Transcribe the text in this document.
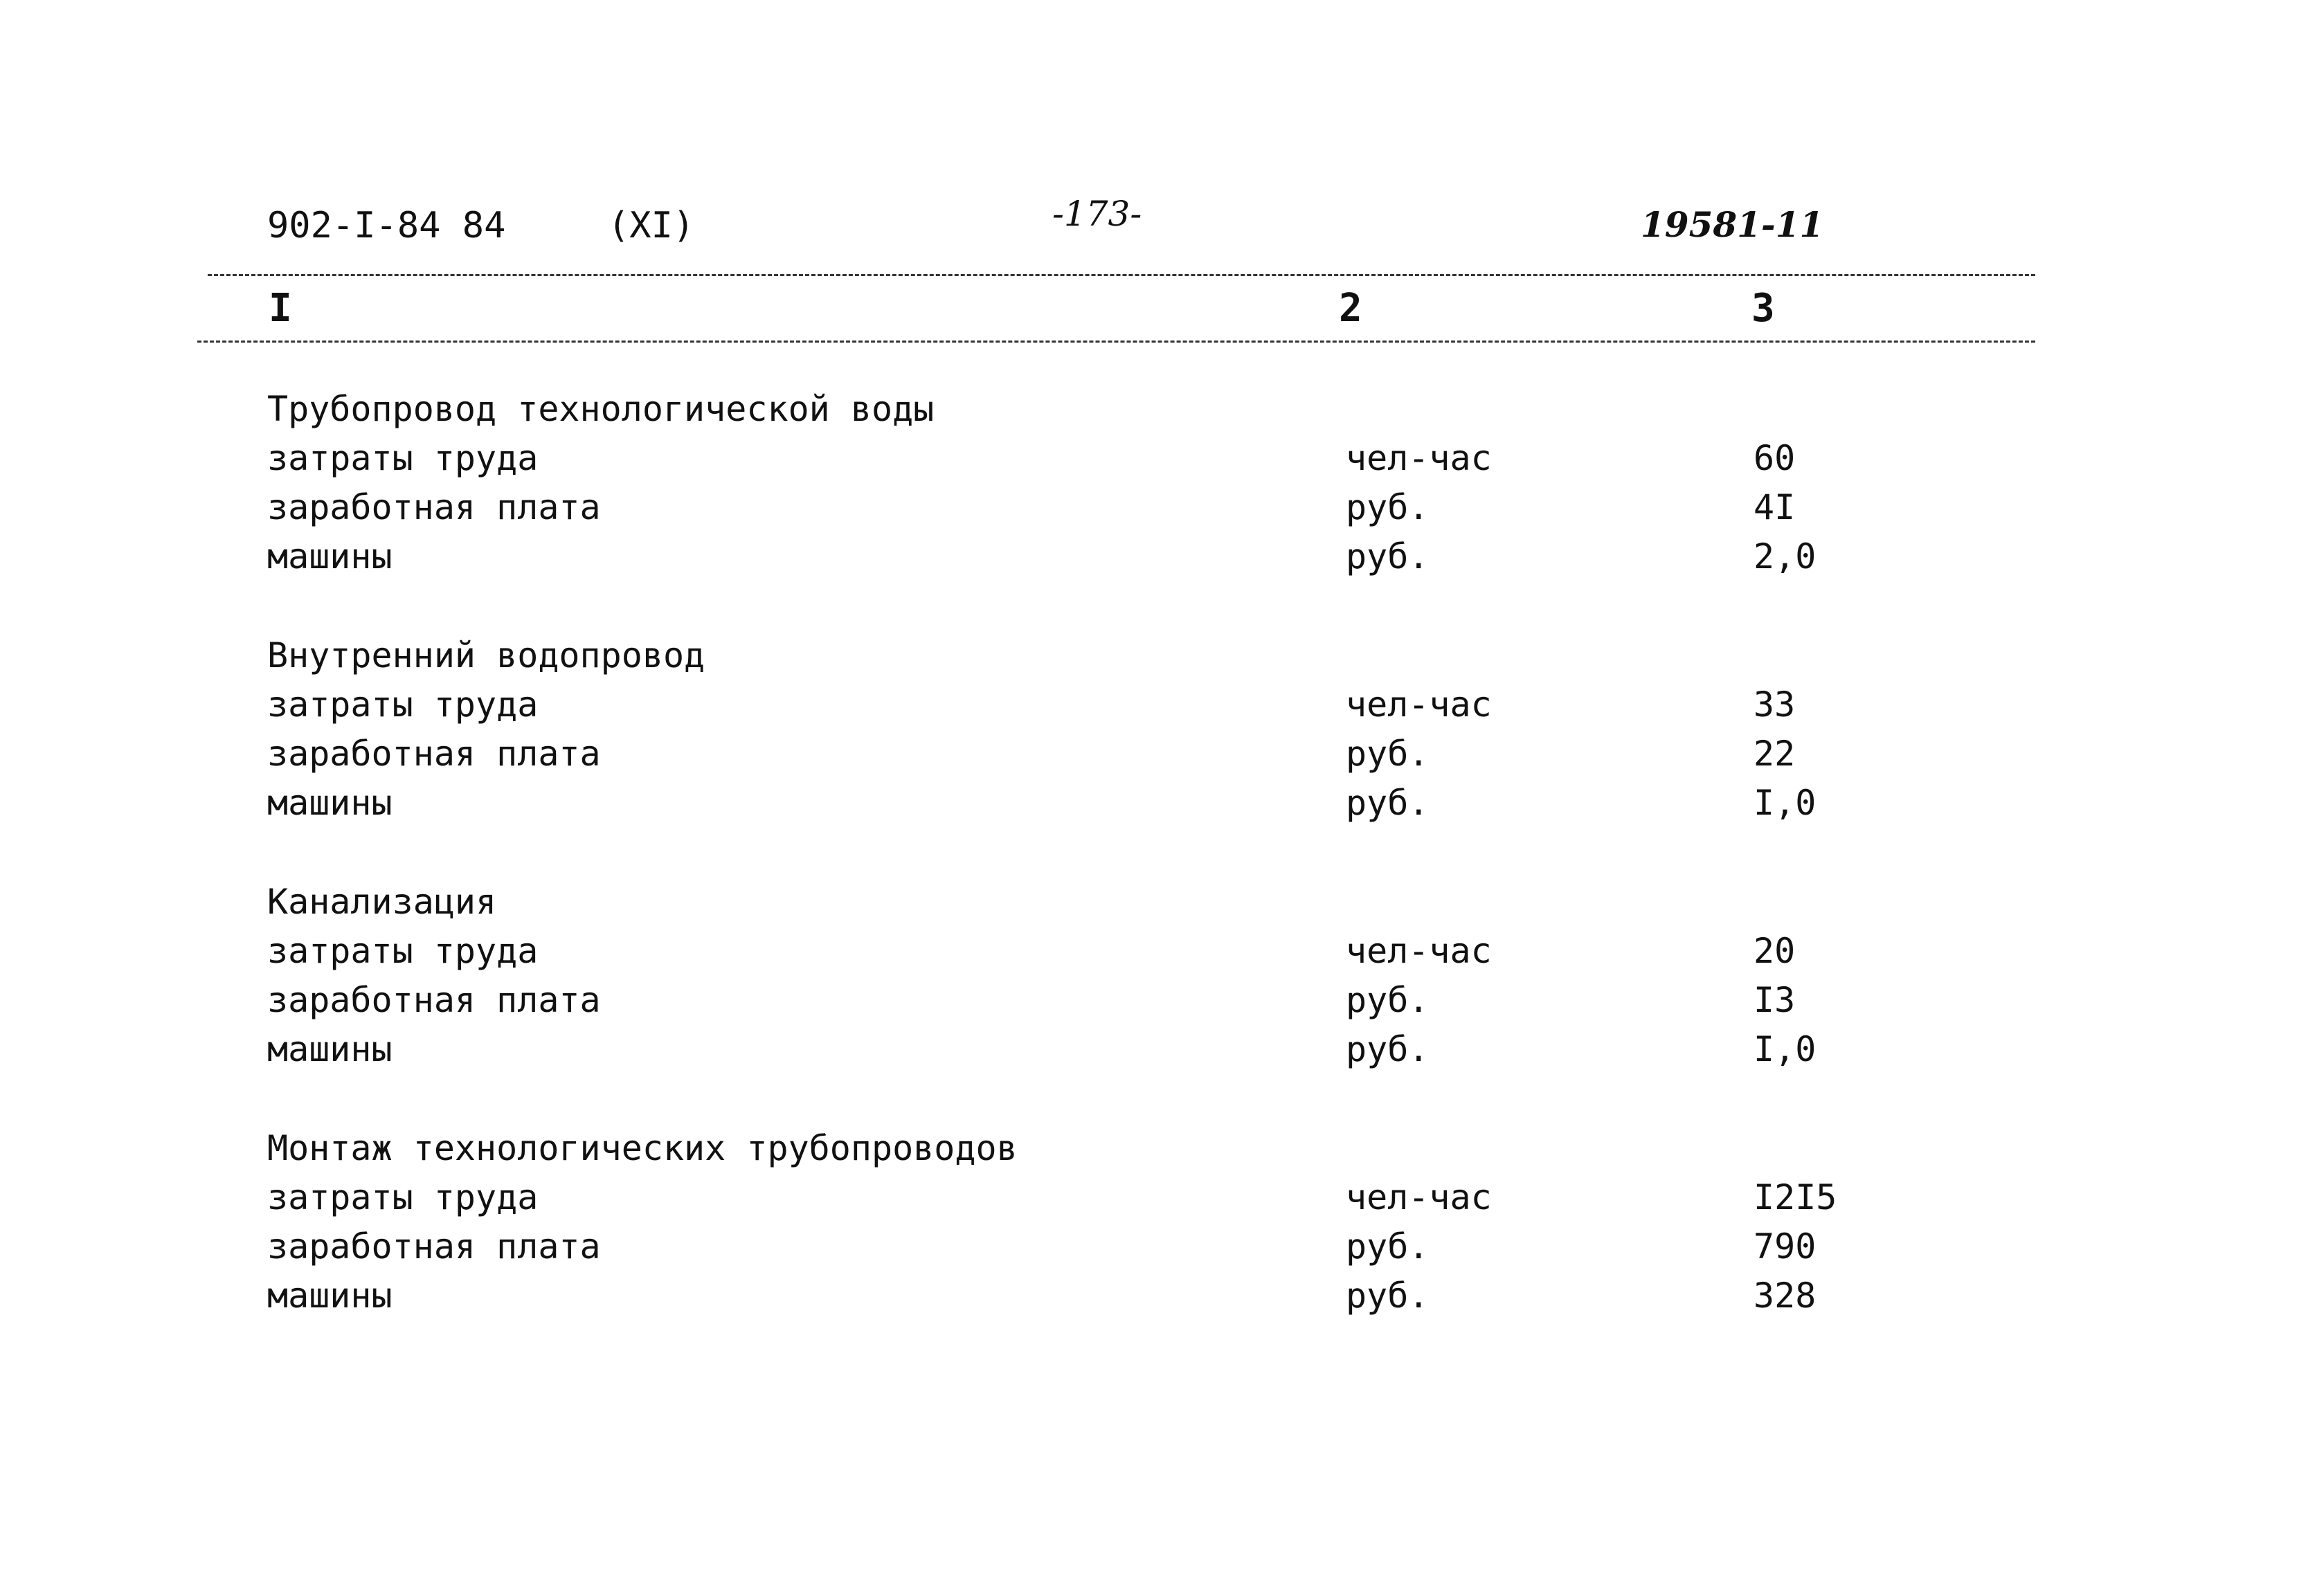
902-I-84 84	(XI)	-173-	19581-11
I	2	3
Трубопровод технологической воды
затраты труда	чел-час	60
заработная плата	руб.	4I
машины	руб.	2,0
Внутренний водопровод
затраты труда	чел-час	33
заработная плата	руб.	22
машины	руб.	I,0
Канализация
затраты труда	чел-час	20
заработная плата	руб.	I3
машины	руб.	I,0
Монтаж технологических трубопроводов
затраты труда	чел-час	I2I5
заработная плата	руб.	790
машины	руб.	328
